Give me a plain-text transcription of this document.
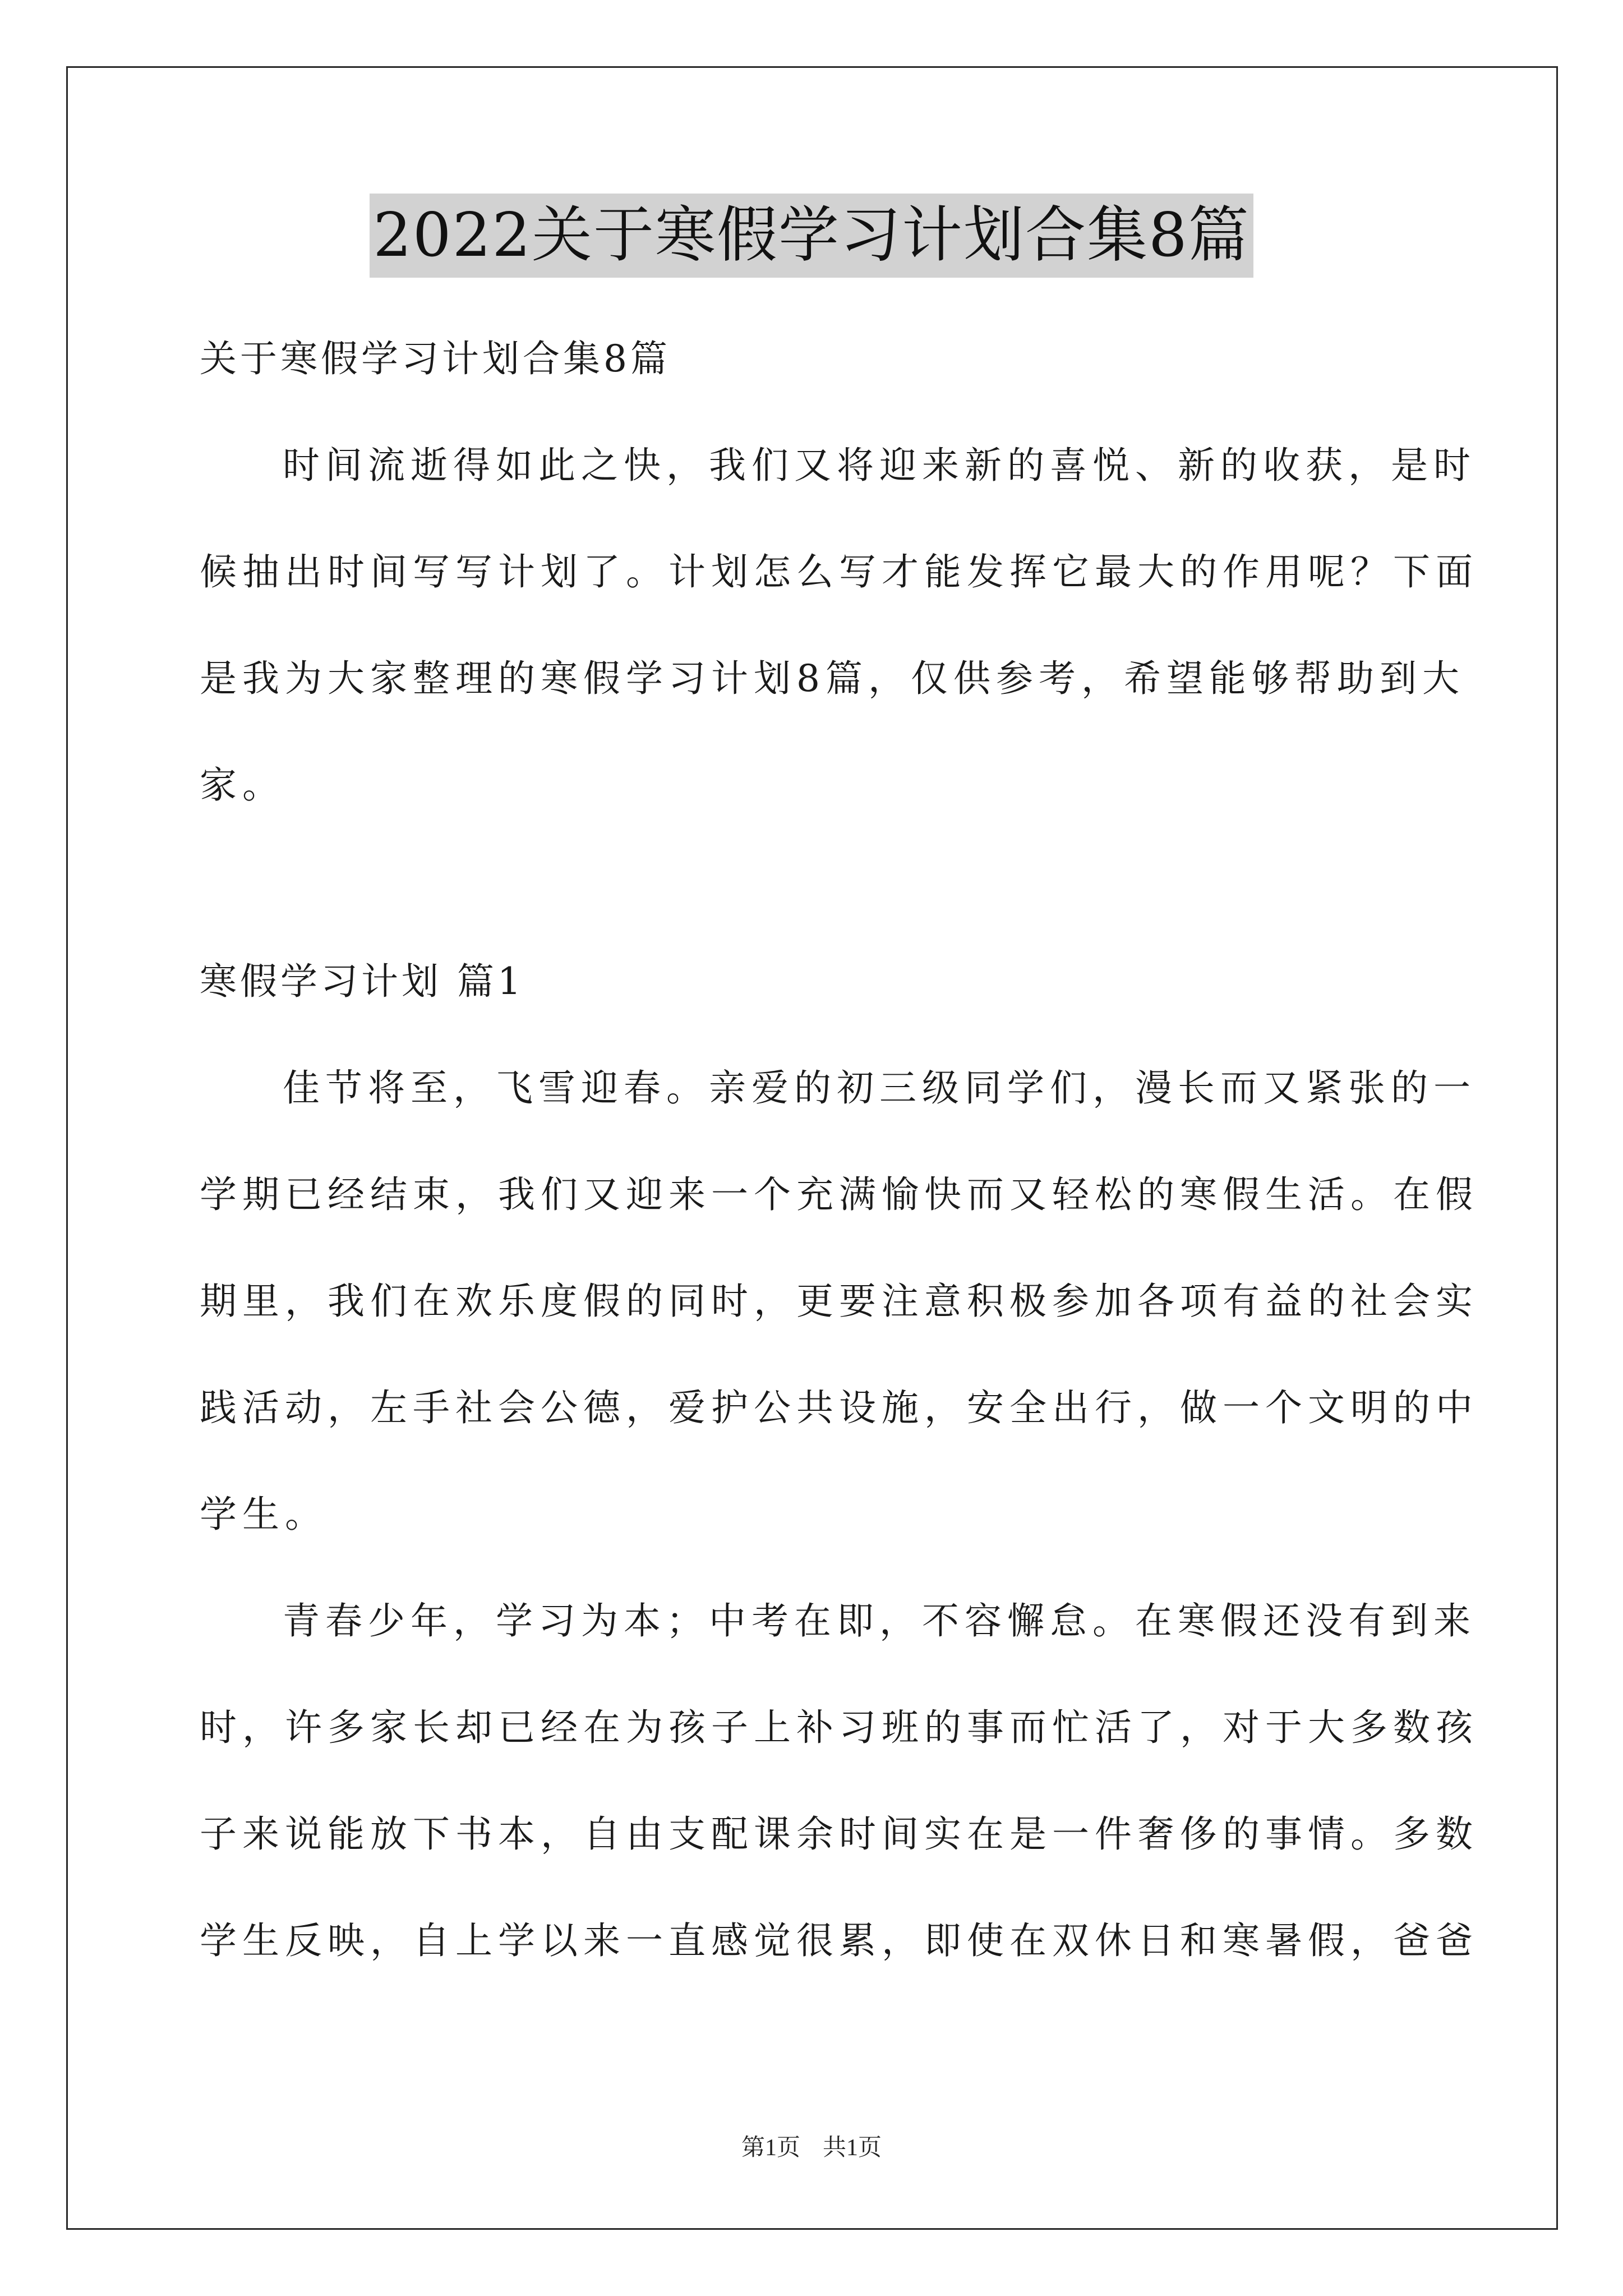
2022关于寒假学习计划合集8篇
关于寒假学习计划合集8篇
时间流逝得如此之快，我们又将迎来新的喜悦、新的收获，是时
候抽出时间写写计划了。计划怎么写才能发挥它最大的作用呢？下面
是我为大家整理的寒假学习计划8篇，仅供参考，希望能够帮助到大
家。
寒假学习计划 篇1
佳节将至，飞雪迎春。亲爱的初三级同学们，漫长而又紧张的一
学期已经结束，我们又迎来一个充满愉快而又轻松的寒假生活。在假
期里，我们在欢乐度假的同时，更要注意积极参加各项有益的社会实
践活动，左手社会公德，爱护公共设施，安全出行，做一个文明的中
学生。
青春少年，学习为本；中考在即，不容懈怠。在寒假还没有到来
时，许多家长却已经在为孩子上补习班的事而忙活了，对于大多数孩
子来说能放下书本，自由支配课余时间实在是一件奢侈的事情。多数
学生反映，自上学以来一直感觉很累，即使在双休日和寒暑假，爸爸
第1页 共1页
